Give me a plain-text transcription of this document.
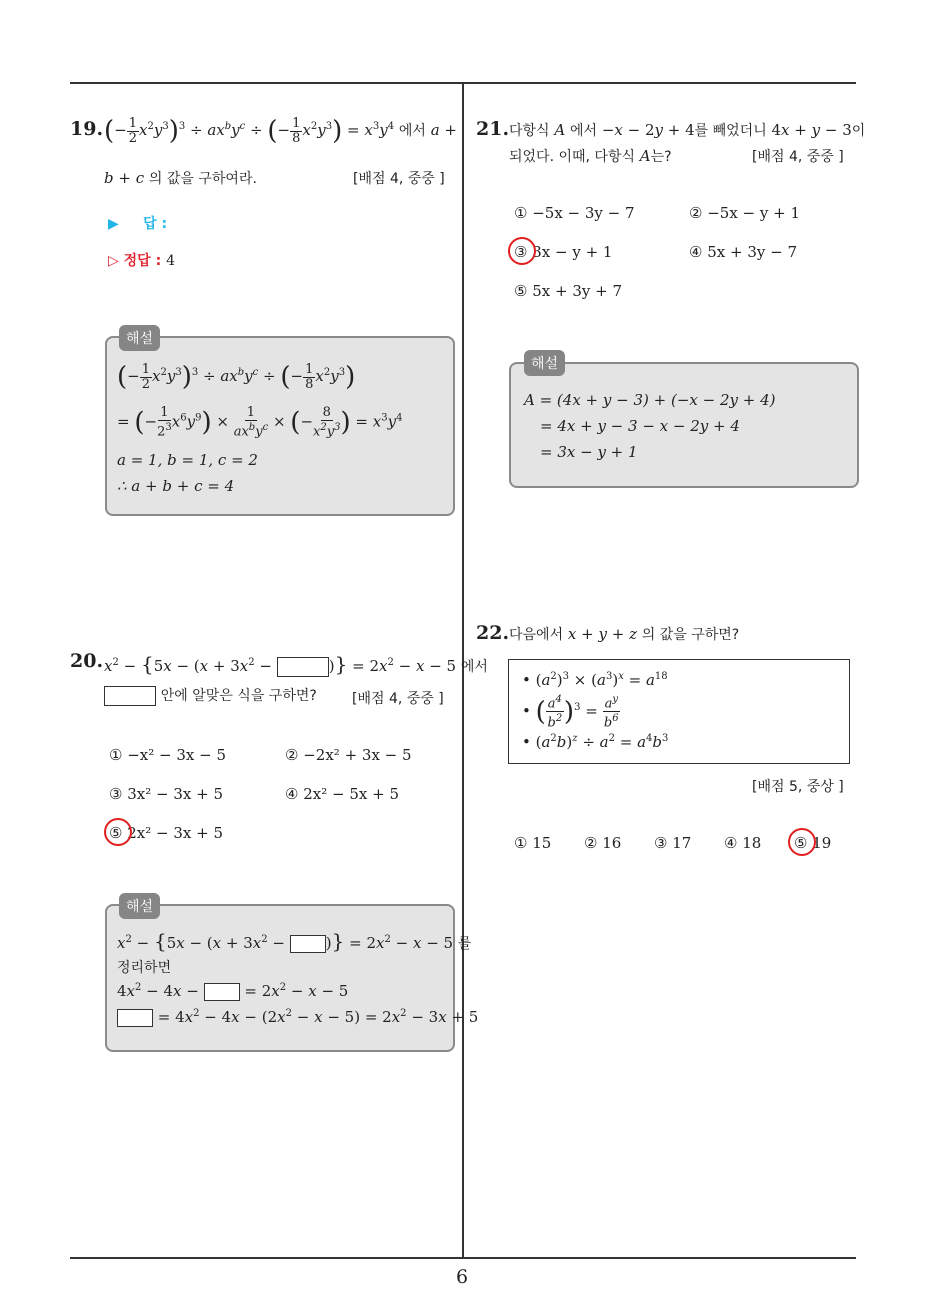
6
19. (− $\frac{1}{2} x^2y^3)^3 \div ax^by^c$ ÷ (− $\frac{1}{8} x^2y^3) = x^3y^4$ 에서 a +
b + c 의 값을 구하여라.	[배점 4, 중중 ]
▶ 답 :
▷ 정답 : 4
해설
(− $\frac{1}{2} x^2y^3)^3 \div ax^by^c$ ÷ (− $\frac{1}{8} x^2y^3$)
= (− $\frac{1}{2^3} x^6y^9) \times \frac{1}{ax^by^c}$ × (− $\frac{8}{x^2y^3}$ ) = $x^3y^4$
a = 1, b = 1, c = 2
∴ a + b + c = 4
20. $x^2 - \{5x - (x + 3x^2$ −	)} = $2x^2 - x - 5$ 에서
안에 알맞은 식을 구하면?	[배점 4, 중중 ]
① −x² − 3x − 5	② −2x² + 3x − 5
③ 3x² − 3x + 5	④ 2x² − 5x + 5
⑤ 2x² − 3x + 5
해설
$x^2 - \{5x - (x + 3x^2$ − )} = $2x^2 - x - 5$ 를
정리하면
$4x^2 - 4x$ −  = $2x^2 - x - 5$
= $4x^2 - 4x - (2x^2 - x - 5) = 2x^2 - 3x + 5$
21. 다항식 A 에서 −x − 2y + 4를 빼었더니 4x + y − 3이
되었다. 이때, 다항식 A는?	[배점 4, 중중 ]
① −5x − 3y − 7	② −5x − y + 1
③ 3x − y + 1	④ 5x + 3y − 7
⑤ 5x + 3y + 7
해설
A = (4x + y − 3) + (−x − 2y + 4)
= 4x + y − 3 − x − 2y + 4
= 3x − y + 1
22. 다음에서 x + y + z 의 값을 구하면?
• $(a^2)^3 \times (a^3)^x = a^{18}$
• ( $\frac{a^4}{b^2} )^3 = \frac{a^y}{b^6}$
• $(a^2b)^z \div a^2 = a^4b^3$
[배점 5, 중상 ]
① 15 ② 16 ③ 17 ④ 18 ⑤ 19
